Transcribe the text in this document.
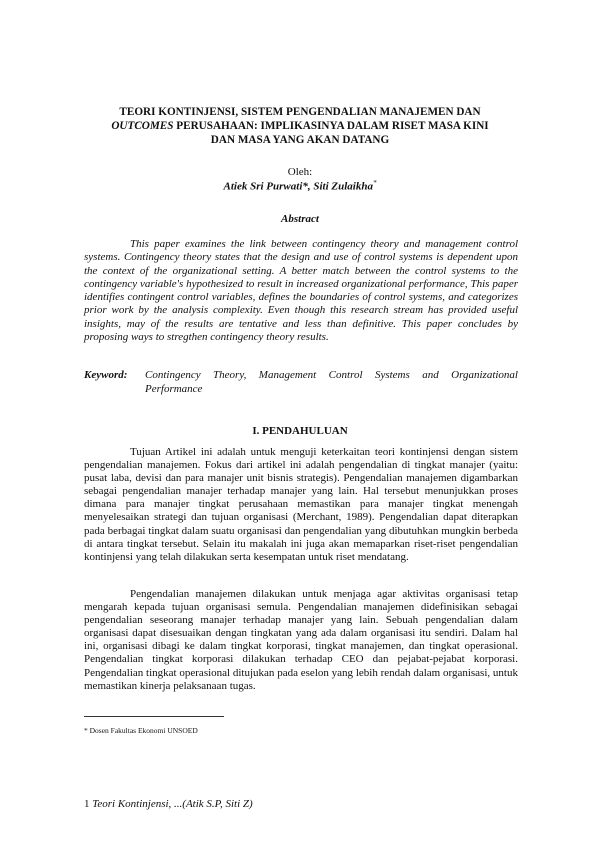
TEORI KONTINJENSI, SISTEM PENGENDALIAN MANAJEMEN DAN
OUTCOMES PERUSAHAAN: IMPLIKASINYA DALAM RISET MASA KINI
DAN MASA YANG AKAN DATANG
Oleh:
Atiek Sri Purwati*, Siti Zulaikha*
Abstract

This paper examines the link between contingency theory and management control systems. Contingency theory states that the design and use of control systems is dependent upon the context of the organizational setting. A better match between the control systems to the contingency variable's hypothesized to result in increased organizational performance, This paper identifies contingent control variables, defines the boundaries of control systems, and categorizes prior work by the analysis complexity. Even though this research stream has provided useful insights, may of the results are tentative and less than definitive. This paper concludes by proposing ways to stregthen contingency theory results.

Keyword: Contingency Theory, Management Control Systems and Organizational Performance
I. PENDAHULUAN

Tujuan Artikel ini adalah untuk menguji keterkaitan teori kontinjensi dengan sistem pengendalian manajemen. Fokus dari artikel ini adalah pengendalian di tingkat manajer (yaitu: pusat laba, devisi dan para manajer unit bisnis strategis). Pengendalian manajemen digambarkan sebagai pengendalian manajer terhadap manajer yang lain. Hal tersebut menunjukkan proses dimana para manajer tingkat perusahaan memastikan para manajer tingkat menengah menyelesaikan strategi dan tujuan organisasi (Merchant, 1989). Pengendalian dapat diterapkan pada berbagai tingkat dalam suatu organisasi dan pengendalian yang dibutuhkan mungkin berbeda di antara tingkat tersebut. Selain itu makalah ini juga akan memaparkan riset-riset pengendalian kontinjensi yang telah dilakukan serta kesempatan untuk riset mendatang.

Pengendalian manajemen dilakukan untuk menjaga agar aktivitas organisasi tetap mengarah kepada tujuan organisasi semula. Pengendalian manajemen didefinisikan sebagai pengendalian seseorang manajer terhadap manajer yang lain. Sebuah pengendalian dalam organisasi dapat disesuaikan dengan tingkatan yang ada dalam organisasi itu sendiri. Dalam hal ini, organisasi dibagi ke dalam tingkat korporasi, tingkat manajemen, dan tingkat operasional. Pengendalian tingkat korporasi dilakukan terhadap CEO dan pejabat-pejabat korporasi. Pengendalian tingkat operasional ditujukan pada eselon yang lebih rendah dalam organisasi, untuk memastikan kinerja pelaksanaan tugas.

* Dosen Fakultas Ekonomi UNSOED
1 Teori Kontinjensi, ...(Atik S.P, Siti Z)
